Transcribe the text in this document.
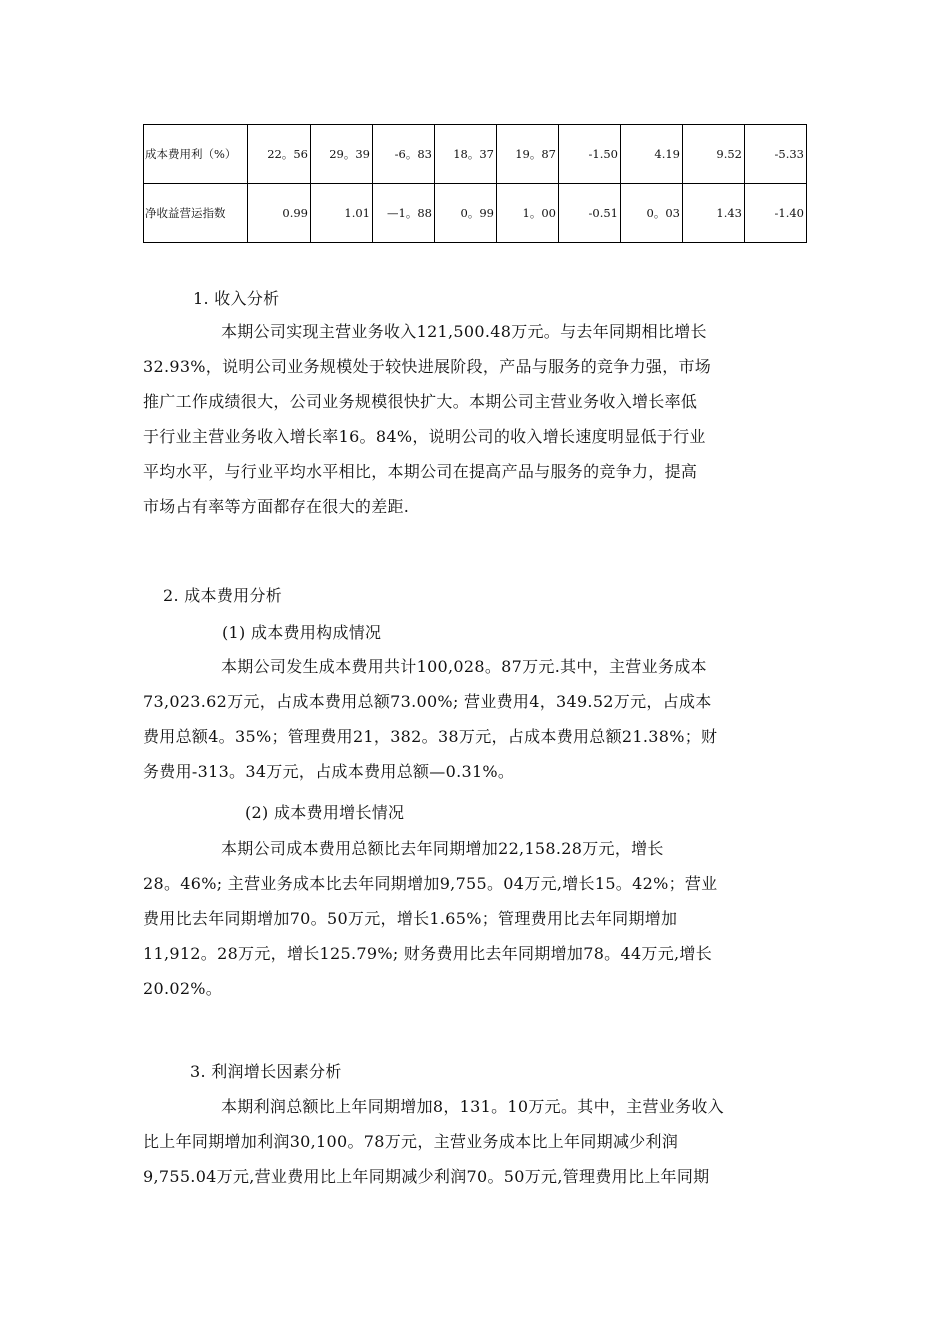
成本费用利（%）	22。56	29。39	-6。83	18。37	19。87	-1.50	4.19	9.52	-5.33
净收益营运指数	0.99	1.01	—1。88	0。99	1。00	-0.51	0。03	1.43	-1.40
1. 收入分析
本期公司实现主营业务收入121,500.48万元。与去年同期相比增长
32.93%，说明公司业务规模处于较快进展阶段，产品与服务的竞争力强，市场
推广工作成绩很大，公司业务规模很快扩大。本期公司主营业务收入增长率低
于行业主营业务收入增长率16。84%，说明公司的收入增长速度明显低于行业
平均水平，与行业平均水平相比，本期公司在提高产品与服务的竞争力，提高
市场占有率等方面都存在很大的差距.
2. 成本费用分析
(1) 成本费用构成情况
本期公司发生成本费用共计100,028。87万元.其中，主营业务成本
73,023.62万元，占成本费用总额73.00%; 营业费用4，349.52万元，占成本
费用总额4。35%；管理费用21，382。38万元，占成本费用总额21.38%；财
务费用-313。34万元，占成本费用总额—0.31%。
(2) 成本费用增长情况
本期公司成本费用总额比去年同期增加22,158.28万元，增长
28。46%; 主营业务成本比去年同期增加9,755。04万元,增长15。42%；营业
费用比去年同期增加70。50万元，增长1.65%；管理费用比去年同期增加
11,912。28万元，增长125.79%; 财务费用比去年同期增加78。44万元,增长
20.02%。
3. 利润增长因素分析
本期利润总额比上年同期增加8，131。10万元。其中，主营业务收入
比上年同期增加利润30,100。78万元，主营业务成本比上年同期减少利润
9,755.04万元,营业费用比上年同期减少利润70。50万元,管理费用比上年同期
